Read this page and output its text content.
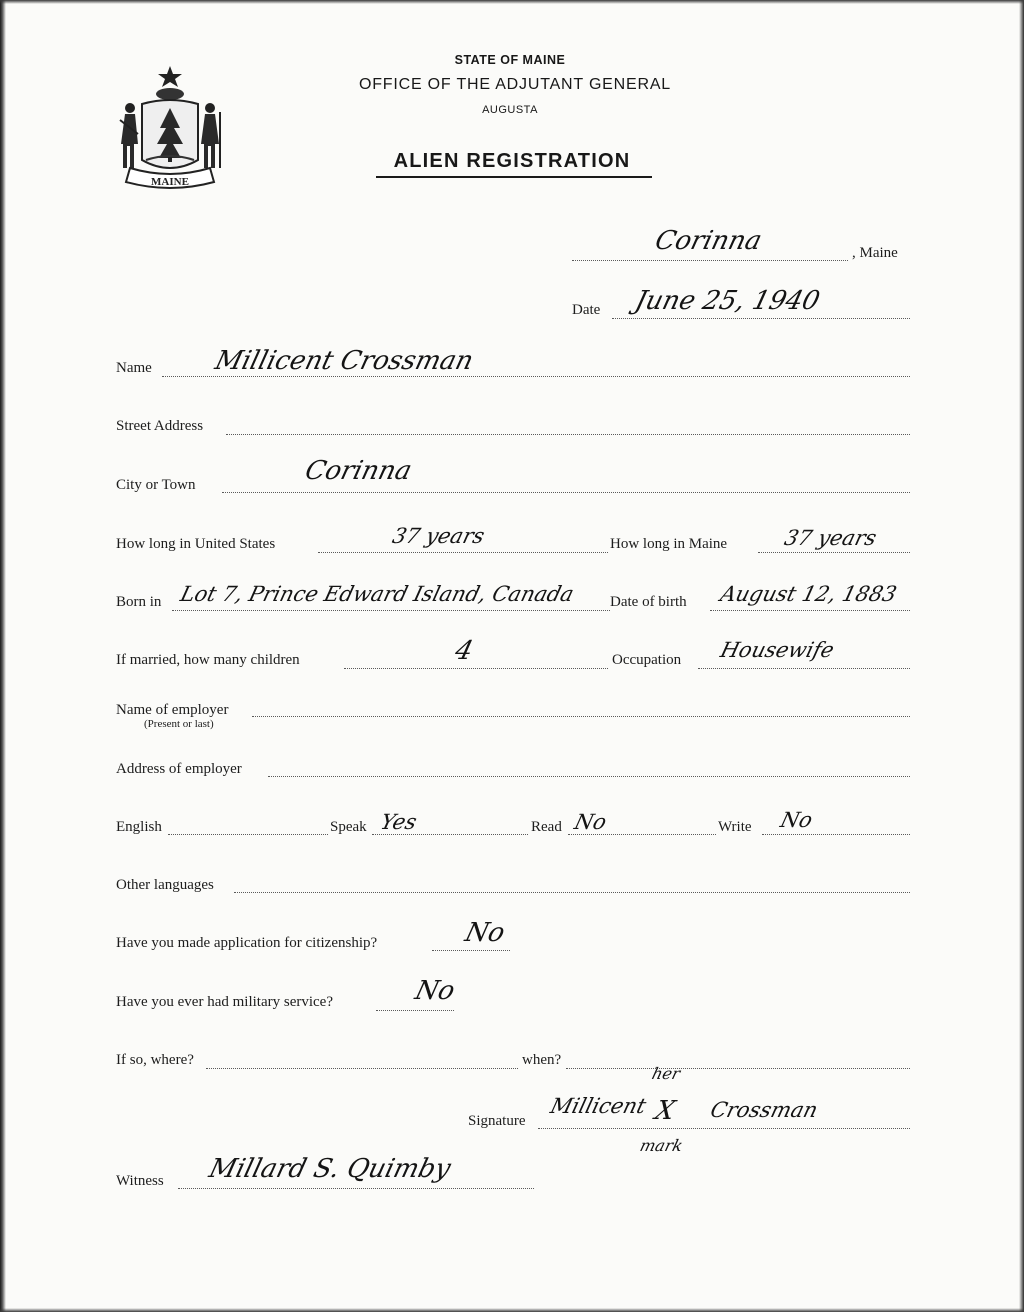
MAINE
STATE OF MAINE
OFFICE OF THE ADJUTANT GENERAL
AUGUSTA
ALIEN REGISTRATION
Corinna	, Maine
Date June 25, 1940
Name Millicent Crossman
Street Address
City or Town	Corinna
How long in United States	37 years	How long in Maine	37 years
Born in Lot 7, Prince Edward Island, Canada Date of birth August 12, 1883
If married, how many children	4	Occupation Housewife
Name of employer
(Present or last)
Address of employer
English	Speak Yes	Read No	Write No
Other languages
Have you made application for citizenship?	No
Have you ever had military service?	No
If so, where?	when?
her
Signature
Millicent X Crossman
mark
Witness Millard S. Quimby
